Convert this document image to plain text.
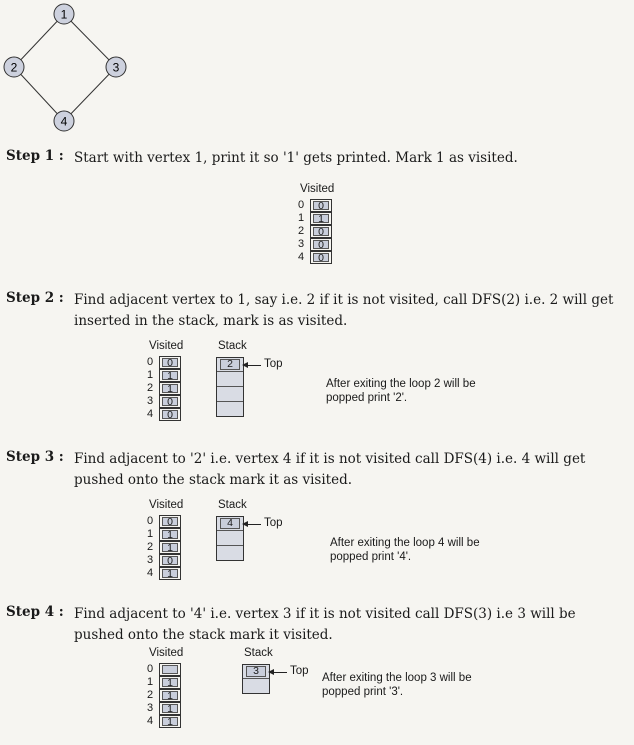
1
2	3
4
Step 1 : Start with vertex 1, print it so '1' gets printed. Mark 1 as visited.
Visited
0	0
1	1
2	0
3	0
4	0
Step 2 : Find adjacent vertex to 1, say i.e. 2 if it is not visited, call DFS(2) i.e. 2 will get inserted in the stack, mark is as visited.
Visited
0	0
1	1
2	1
3	0
4	0
Stack
2	Top
After exiting the loop 2 will be
popped print '2'.
Step 3 : Find adjacent to '2' i.e. vertex 4 if it is not visited call DFS(4) i.e. 4 will get pushed onto the stack mark it as visited.
Visited
0	0
1	1
2	1
3	0
4	1
Stack
4	Top
After exiting the loop 4 will be
popped print '4'.
Step 4 : Find adjacent to '4' i.e. vertex 3 if it is not visited call DFS(3) i.e 3 will be pushed onto the stack mark it visited.
Visited
0
1	1
2	1
3	1
4	1
Stack
3	Top
After exiting the loop 3 will be
popped print '3'.
